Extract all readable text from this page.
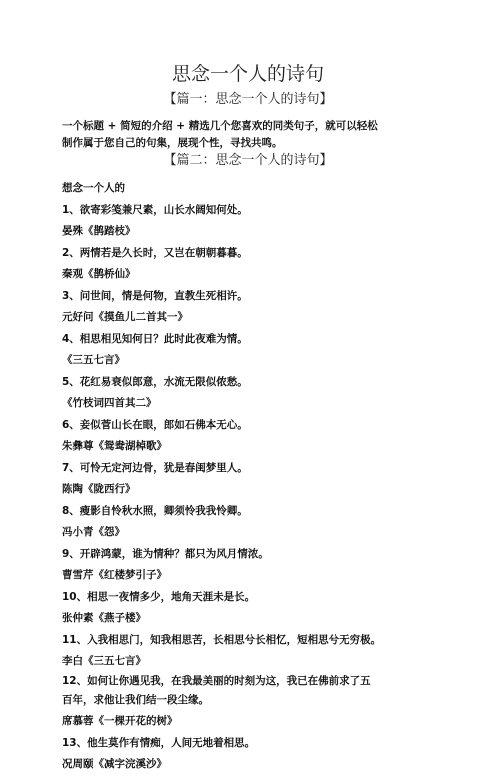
思念一个人的诗句
【篇一：思念一个人的诗句】
一个标题 + 简短的介绍 + 精选几个您喜欢的同类句子，就可以轻松
制作属于您自己的句集，展现个性，寻找共鸣。
【篇二：思念一个人的诗句】
想念一个人的
1、欲寄彩笺兼尺素，山长水阔知何处。
晏殊《鹊踏枝》
2、两情若是久长时，又岂在朝朝暮暮。
秦观《鹊桥仙》
3、问世间，情是何物，直教生死相许。
元好问《摸鱼儿二首其一》
4、相思相见知何日？此时此夜难为情。
《三五七言》
5、花红易衰似郎意，水流无限似侬愁。
《竹枝词四首其二》
6、妾似菅山长在眼，郎如石佛本无心。
朱彝尊《鸳鸯湖棹歌》
7、可怜无定河边骨，犹是春闺梦里人。
陈陶《陇西行》
8、瘦影自怜秋水照，卿须怜我我怜卿。
冯小青《怨》
9、开辟鸿蒙，谁为情种？都只为风月情浓。
曹雪芹《红楼梦引子》
10、相思一夜情多少，地角天涯未是长。
张仲素《燕子楼》
11、入我相思门，知我相思苦，长相思兮长相忆，短相思兮无穷极。
李白《三五七言》
12、如何让你遇见我，在我最美丽的时刻为这，我已在佛前求了五
百年，求他让我们结一段尘缘。
席慕蓉《一棵开花的树》
13、他生莫作有情痴，人间无地着相思。
况周颐《减字浣溪沙》
